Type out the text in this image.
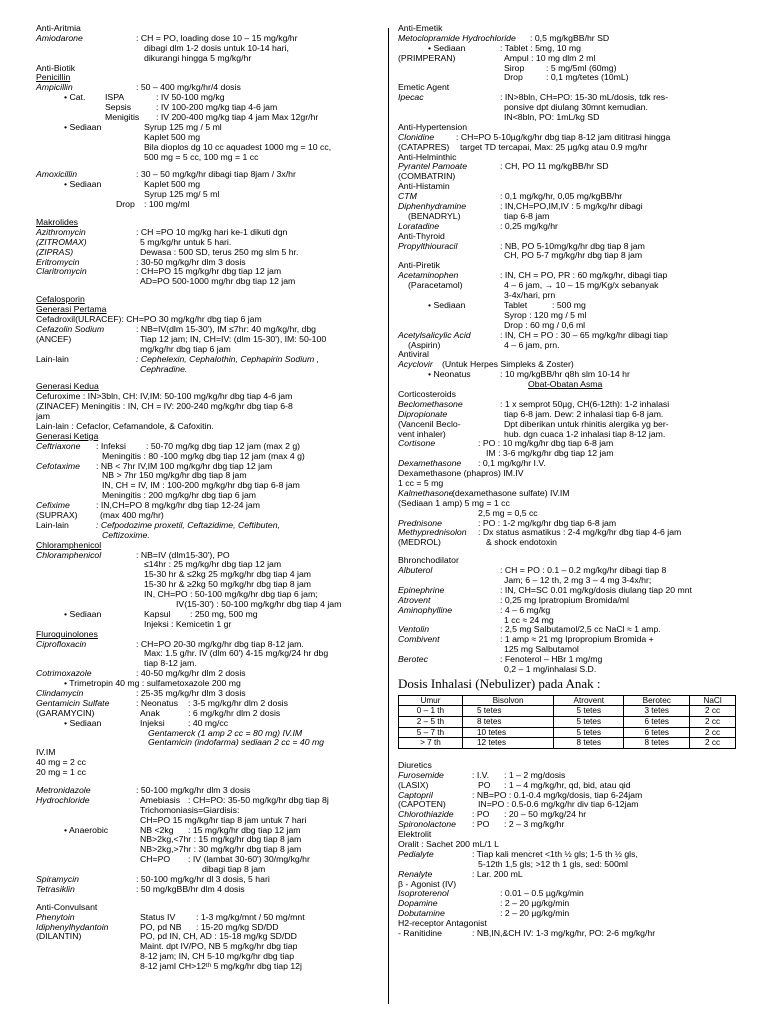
Anti-Aritmia
Amiodarone	: CH = PO, loading dose 10 – 15 mg/kg/hr
dibagi dlm 1-2 dosis untuk 10-14 hari,
dikurangi hingga 5 mg/kg/hr
Anti-Biotik
Penicillin
Ampicillin	: 50 – 400 mg/kg/hr/4 dosis
• Cat. ISPA	: IV 50-100 mg/kg
Sepsis	: IV 100-200 mg/kg tiap 4-6 jam
Menigitis : IV 200-400 mg/kg tiap 4 jam Max 12gr/hr
• Sediaan	Syrup 125 mg / 5 ml
Kaplet 500 mg
Bila dioplos dg 10 cc aquadest 1000 mg = 10 cc,
500 mg = 5 cc, 100 mg = 1 cc
Amoxicillin	: 30 – 50 mg/kg/hr dibagi tiap 8jam / 3x/hr
• Sediaan	Kaplet 500 mg
Syrup 125 mg/ 5 ml
Drop : 100 mg/ml
Makrolides
Azithromycin	: CH =PO 10 mg/kg hari ke-1 dikuti dgn
(ZITROMAX)	5 mg/kg/hr untuk 5 hari.
(ZIPRAS)	Dewasa : 500 SD, terus 250 mg slm 5 hr.
Eritromycin	: 30-50 mg/kg/hr dlm 3 dosis
Claritromycin	: CH=PO 15 mg/kg/hr dbg tiap 12 jam
AD=PO 500-1000 mg/hr dbg tiap 12 jam
Cefalosporin
Generasi Pertama
Cefadroxil(ULRACEF): CH=PO 30 mg/kg/hr dbg tiap 6 jam
Cefazolin Sodium	: NB=IV(dlm 15-30'), IM ≤7hr: 40 mg/kg/hr, dbg
(ANCEF)	Tiap 12 jam; IN, CH=IV: (dlm 15-30'), IM: 50-100
mg/kg/hr dbg tiap 6 jam
Lain-lain	: Cephelexin, Cephalothin, Cephapirin Sodium ,
Cephradine.
Generasi Kedua
Cefuroxime : IN>3bln, CH: IV,IM: 50-100 mg/kg/hr dbg tiap 4-6 jam
(ZINACEF) Meningitis : IN, CH = IV: 200-240 mg/kg/hr dbg tiap 6-8
jam
Lain-lain : Cefaclor, Cefamandole, & Cafoxitin.
Generasi Ketiga
Ceftriaxone : Infeksi : 50-70 mg/kg dbg tiap 12 jam (max 2 g)
Meningitis : 80 -100 mg/kg dbg tiap 12 jam (max 4 g)
Cefotaxime : NB < 7hr IV,IM 100 mg/kg/hr dbg tiap 12 jam
NB > 7hr 150 mg/kg/hr dbg tiap 8 jam
IN, CH = IV, IM : 100-200 mg/kg/hr dbg tiap 6-8 jam
Meningitis : 200 mg/kg/hr dbg tiap 6 jam
Cefixime	: IN,CH=PO 8 mg/kg/hr dbg tiap 12-24 jam
(SUPRAX)	(max 400 mg/hr)
Lain-lain	: Cefpodozime proxetil, Ceftazidime, Ceftibuten,
Ceftizoxime.
Chloramphenicol
Chloramphenicol	: NB=IV (dlm15-30'), PO
≤14hr : 25 mg/kg/hr dbg tiap 12 jam
15-30 hr & ≤2kg 25 mg/kg/hr dbg tiap 4 jam
15-30 hr & ≥2kg 50 mg/kg/hr dbg tiap 8 jam
IN, CH=PO : 50-100 mg/kg/hr dbg tiap 6 jam;
IV(15-30') : 50-100 mg/kg/hr dbg tiap 4 jam
• Sediaan	Kapsul : 250 mg, 500 mg
Injeksi : Kemicetin 1 gr
Fluroquinolones
Ciprofloxacin	: CH=PO 20-30 mg/kg/hr dbg tiap 8-12 jam.
Max: 1.5 g/hr. IV (dlm 60') 4-15 mg/kg/24 hr dbg
tiap 8-12 jam.
Cotrimoxazole	: 40-50 mg/kg/hr dlm 2 dosis
• Trimetropin 40 mg : sulfametoxazole 200 mg
Clindamycin	: 25-35 mg/kg/hr dlm 3 dosis
Gentamicin Sulfate	: Neonatus : 3-5 mg/kg/hr dlm 2 dosis
(GARAMYCIN)	Anak	: 6 mg/kg/hr dlm 2 dosis
• Sediaan	Injeksi	: 40 mg/cc
Gentamerck (1 amp 2 cc = 80 mg) IV.IM
Gentamicin (indofarma) sediaan 2 cc = 40 mg
IV.IM
40 mg = 2 cc
20 mg = 1 cc
Metronidazole	: 50-100 mg/kg/hr dlm 3 dosis
Hydrochloride	Amebiasis : CH=PO: 35-50 mg/kg/hr dbg tiap 8j
Trichomoniasis=Giardisis:
CH=PO 15 mg/kg/hr tiap 8 jam untuk 7 hari
• Anaerobic	NB <2kg : 15 mg/kg/hr dbg tiap 12 jam
NB>2kg,<7hr : 15 mg/kg/hr dbg tiap 8 jam
NB>2kg,>7hr : 30 mg/kg/hr dbg tiap 8 jam
CH=PO : IV (lambat 30-60') 30/mg/kg/hr
dibagi tiap 8 jam
Spiramycin	: 50-100 mg/kg/hr dl 3 dosis, 5 hari
Tetrasiklin	: 50 mg/kgBB/hr dlm 4 dosis
Anti-Convulsant
Phenytoin	Status IV : 1-3 mg/kg/mnt / 50 mg/mnt
Idiphenylhydantoin	PO, pd NB : 15-20 mg/kg SD/DD
(DILANTIN)	PO, pd IN, CH, AD : 15-18 mg/kg SD/DD
Maint. dpt IV/PO, NB 5 mg/kg/hr dbg tiap
8-12 jam; IN, CH 5-10 mg/kg/hr dbg tiap
8-12 jamI CH>12ᵗʰ 5 mg/kg/hr dbg tiap 12j
Anti-Emetik
Metoclopramide Hydrochloride : 0,5 mg/kgBB/hr SD
• Sediaan	: Tablet : 5mg, 10 mg
(PRIMPERAN)	Ampul : 10 mg dlm 2 ml
Sirop : 5 mg/5ml (60mg)
Drop	: 0,1 mg/tetes (10mL)
Emetic Agent
Ipecac	: IN>8bln, CH=PO: 15-30 mL/dosis, tdk res-
ponsive dpt diulang 30mnt kemudian.
IN<8bln, PO: 1mL/kg SD
Anti-Hypertension
Clonidine	: CH=PO 5-10µg/kg/hr dbg tiap 8-12 jam dititrasi hingga
(CATAPRES) target TD tercapai, Max: 25 µg/kg atau 0.9 mg/hr
Anti-Helminthic
Pyrantel Pamoate	: CH, PO 11 mg/kgBB/hr SD
(COMBATRIN)
Anti-Histamin
CTM	: 0,1 mg/kg/hr, 0,05 mg/kgBB/hr
Diphenhydramine	: IN,CH=PO,IM,IV : 5 mg/kg/hr dibagi
(BENADRYL)	tiap 6-8 jam
Loratadine	: 0,25 mg/kg/hr
Anti-Thyroid
Propylthiouracil	: NB, PO 5-10mg/kg/hr dbg tiap 8 jam
CH, PO 5-7 mg/kg/hr dbg tiap 8 jam
Anti-Piretik
Acetaminophen	: IN, CH = PO, PR : 60 mg/kg/hr, dibagi tiap
(Paracetamol)	4 – 6 jam, → 10 – 15 mg/Kg/x sebanyak
3-4x/hari, prn
• Sediaan	Tablet	: 500 mg
Syrop : 120 mg / 5 ml
Drop : 60 mg / 0,6 ml
Acetylsalicylic Acid	: IN, CH = PO : 30 – 65 mg/kg/hr dibagi tiap
(Aspirin)	4 – 6 jam, prn.
Antiviral
Acyclovir (Untuk Herpes Simpleks & Zoster)
• Neonatus	: 10 mg/kgBB/hr q8h slm 10-14 hr
Obat-Obatan Asma
Corticosteroids
Beclomethasone	: 1 x semprot 50µg, CH(6-12th): 1-2 inhalasi
Dipropionate	tiap 6-8 jam. Dew: 2 inhalasi tiap 6-8 jam.
(Vancenil Beclo-	Dpt diberikan untuk rhinitis alergika yg ber-
vent inhaler)	hub. dgn cuaca 1-2 inhalasi tiap 8-12 jam.
Cortisone	: PO : 10 mg/kg/hr dbg tiap 6-8 jam
IM : 3-6 mg/kg/hr dbg tiap 12 jam
Dexamethasone : 0,1 mg/kg/hr I.V.
Dexamethasone (phapros) IM.IV
1 cc = 5 mg
Kalmethasone
(dexamethasone sulfate) IV.IM
(Sediaan 1 amp) 5 mg = 1 cc
2,5 mg = 0,5 cc
Prednisone	: PO : 1-2 mg/kg/hr dbg tiap 6-8 jam
Methyprednisolon : Dx status asmatikus : 2-4 mg/kg/hr dbg tiap 4-6 jam
(MEDROL)	& shock endotoxin
Bhronchodilator
Albuterol	: CH = PO : 0.1 – 0.2 mg/kg/hr dibagi tiap 8
Jam; 6 – 12 th, 2 mg 3 – 4 mg 3-4x/hr;
Epinephrine	: IN, CH=SC 0.01 mg/kg/dosis diulang tiap 20 mnt
Atrovent	: 0,25 mg Ipratropium Bromida/ml
Aminophylline	: 4 – 6 mg/kg
1 cc ≈ 24 mg
Ventolin	: 2,5 mg Salbutamol/2,5 cc NaCl ≈ 1 amp.
Combivent	: 1 amp ≈ 21 mg Ipropropium Bromida +
125 mg Salbutamol
Berotec	: Fenoterol – HBr 1 mg/mg
0,2 – 1 mg/inhalasi S.D.
Dosis Inhalasi (Nebulizer) pada Anak :
Umur	Bisolvon	Atrovent	Berotec	NaCl
0 – 1 th	5 tetes	5 tetes	3 tetes	2 cc
2 – 5 th	8 tetes	5 tetes	6 tetes	2 cc
5 – 7 th	10 tetes	5 tetes	6 tetes	2 cc
> 7 th	12 tetes	8 tetes	8 tetes	2 cc
Diuretics
Furosemide	: I.V. : 1 – 2 mg/dosis
(LASIX)	PO : 1 – 4 mg/kg/hr, qd, bid, atau qid
Captopril	: NB=PO : 0.1-0.4 mg/kg/dosis, tiap 6-24jam
(CAPOTEN)	IN=PO : 0.5-0.6 mg/kg/hr div tiap 6-12jam
Chlorothiazide : PO : 20 – 50 mg/kg/24 hr
Spironolactone : PO : 2 – 3 mg/kg/hr
Elektrolit
Oralit : Sachet 200 mL/1 L
Pedialyte	: Tiap kali mencret <1th ½ gls; 1-5 th ½ gls,
5-12th 1,5 gls; >12 th 1 gls, sed: 500ml
Renalyte	: Lar. 200 mL
β - Agonist (IV)
Isoproterenol	: 0.01 – 0.5 µg/kg/min
Dopamine	: 2 – 20 µg/kg/min
Dobutamine	: 2 – 20 µg/kg/min
H2-receptor Antagonist
- Ranitidine	: NB,IN,&CH IV: 1-3 mg/kg/hr, PO: 2-6 mg/kg/hr
